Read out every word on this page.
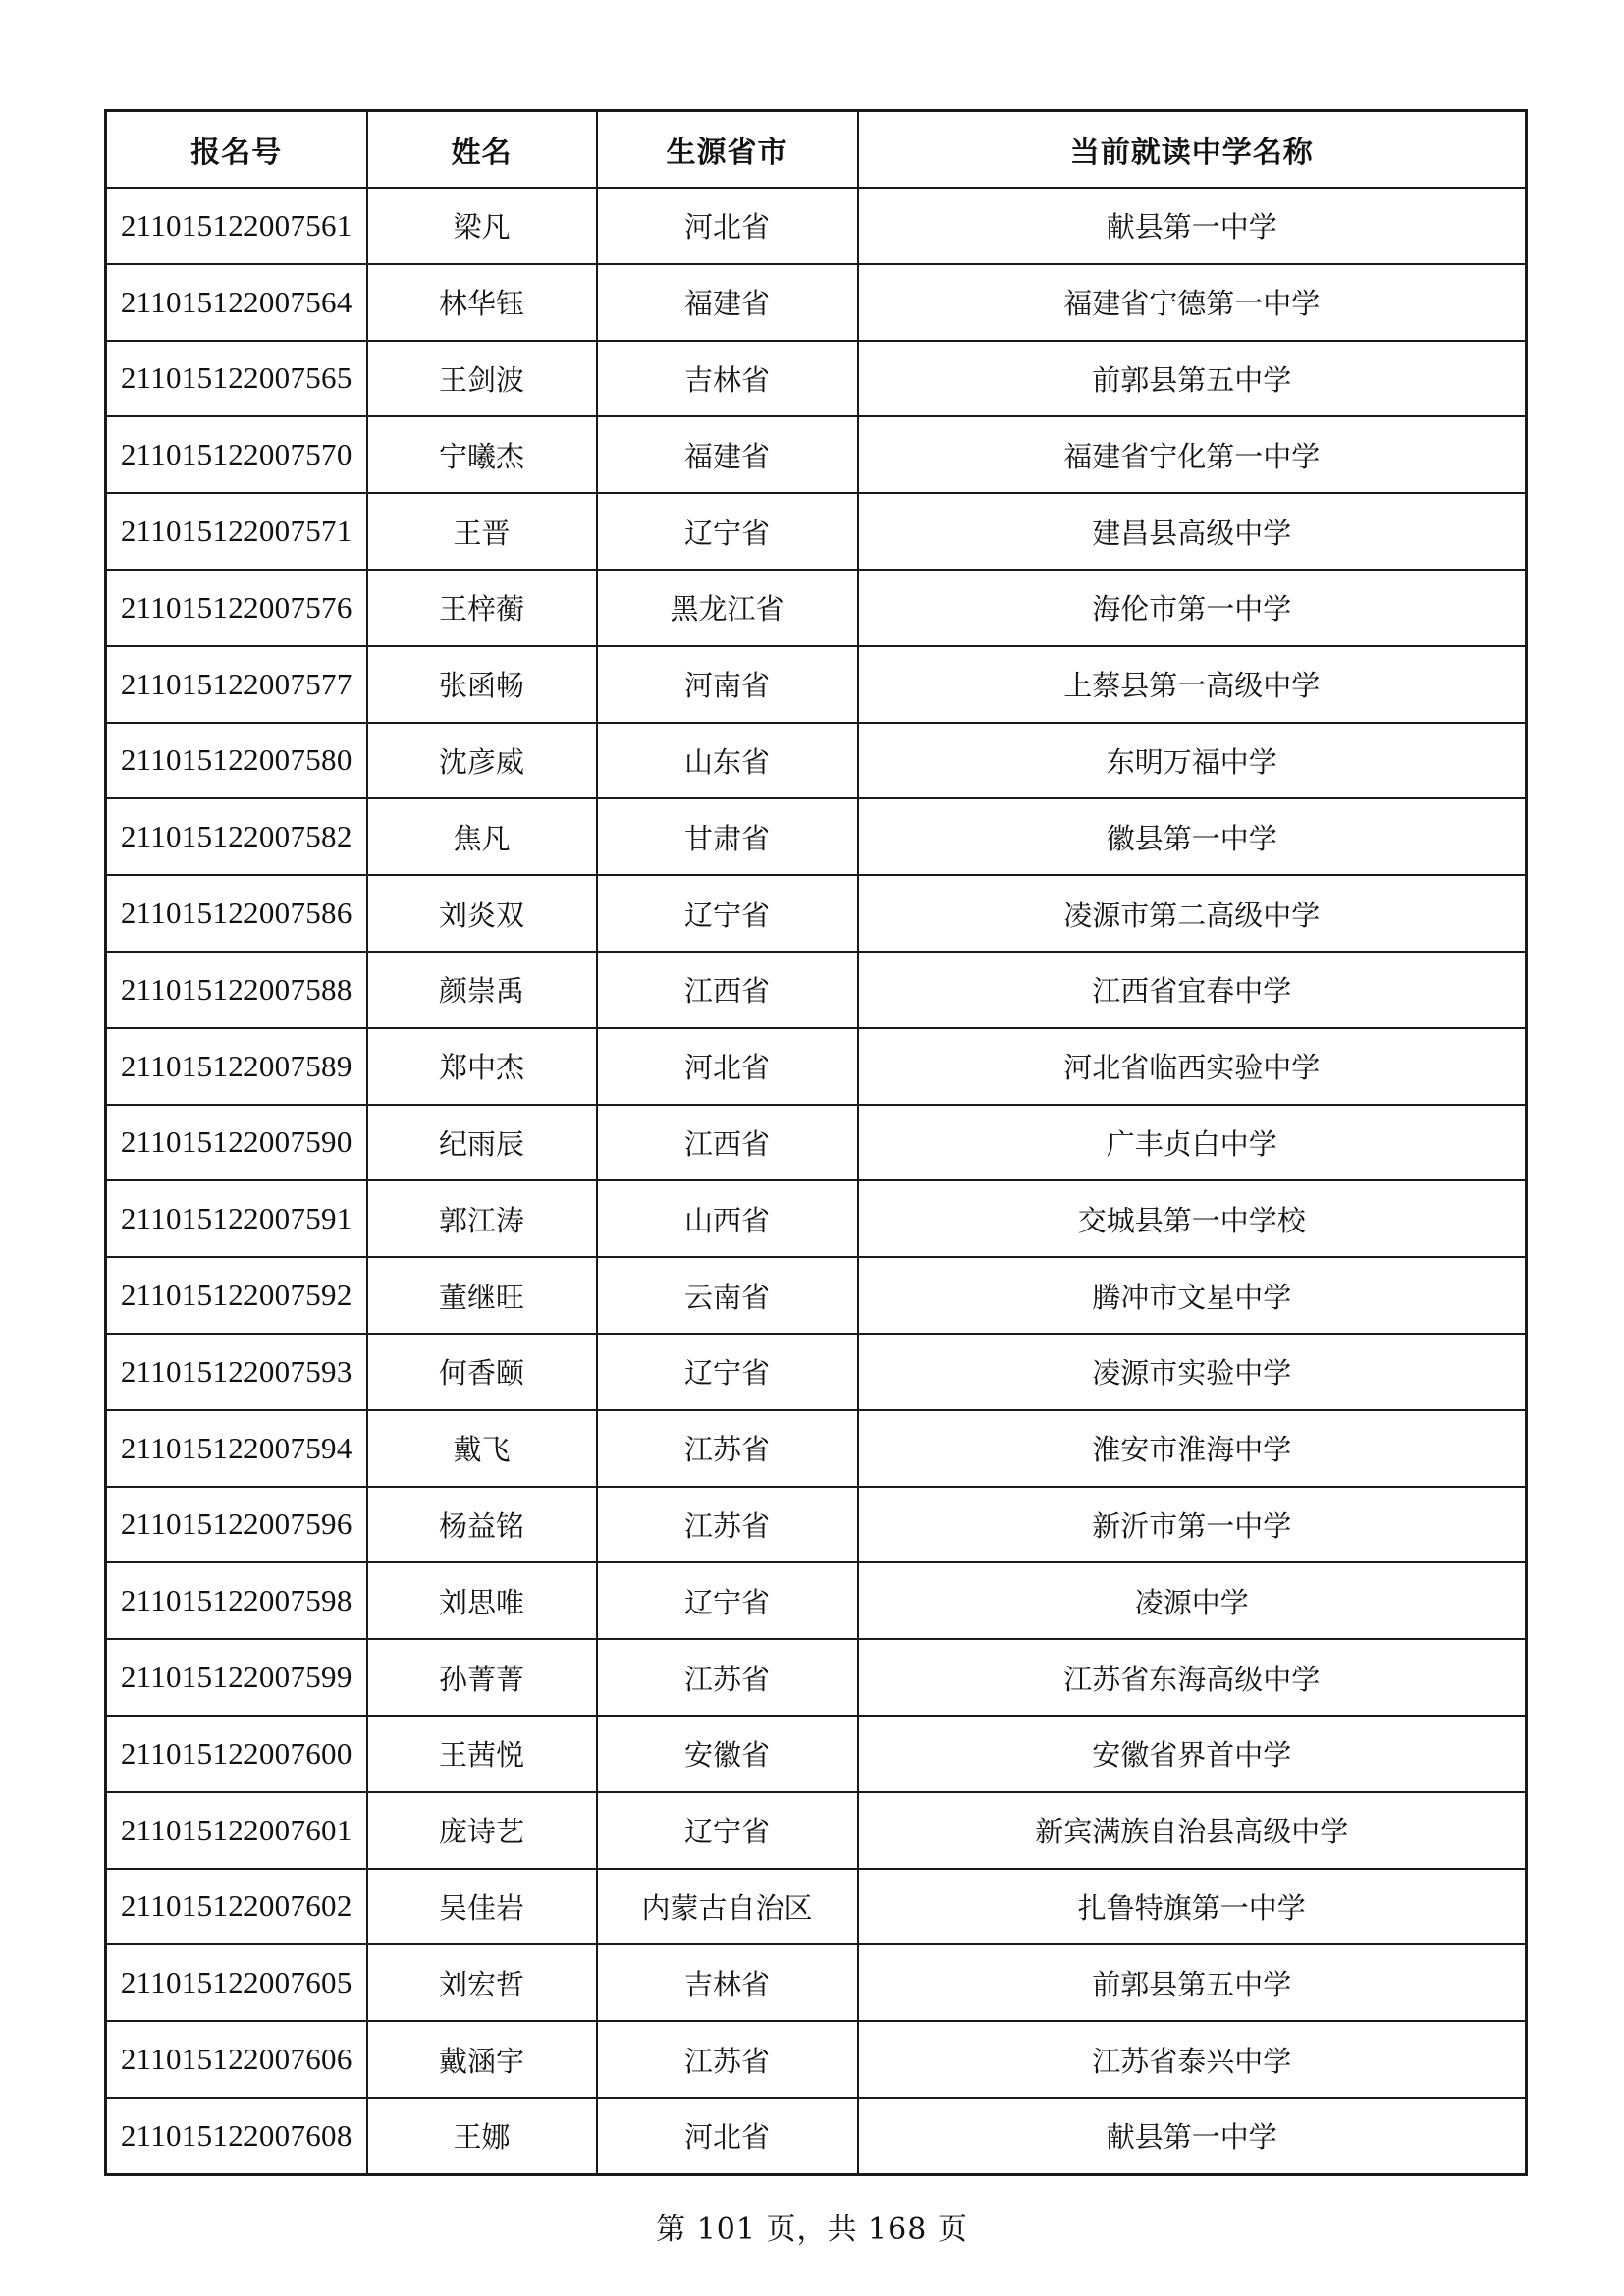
报名号	姓名	生源省市	当前就读中学名称
211015122007561	梁凡	河北省	献县第一中学
211015122007564	林华钰	福建省	福建省宁德第一中学
211015122007565	王剑波	吉林省	前郭县第五中学
211015122007570	宁曦杰	福建省	福建省宁化第一中学
211015122007571	王晋	辽宁省	建昌县高级中学
211015122007576	王梓蘅	黑龙江省	海伦市第一中学
211015122007577	张函畅	河南省	上蔡县第一高级中学
211015122007580	沈彦威	山东省	东明万福中学
211015122007582	焦凡	甘肃省	徽县第一中学
211015122007586	刘炎双	辽宁省	凌源市第二高级中学
211015122007588	颜崇禹	江西省	江西省宜春中学
211015122007589	郑中杰	河北省	河北省临西实验中学
211015122007590	纪雨辰	江西省	广丰贞白中学
211015122007591	郭江涛	山西省	交城县第一中学校
211015122007592	董继旺	云南省	腾冲市文星中学
211015122007593	何香颐	辽宁省	凌源市实验中学
211015122007594	戴飞	江苏省	淮安市淮海中学
211015122007596	杨益铭	江苏省	新沂市第一中学
211015122007598	刘思唯	辽宁省	凌源中学
211015122007599	孙菁菁	江苏省	江苏省东海高级中学
211015122007600	王茜悦	安徽省	安徽省界首中学
211015122007601	庞诗艺	辽宁省	新宾满族自治县高级中学
211015122007602	吴佳岩	内蒙古自治区	扎鲁特旗第一中学
211015122007605	刘宏哲	吉林省	前郭县第五中学
211015122007606	戴涵宇	江苏省	江苏省泰兴中学
211015122007608	王娜	河北省	献县第一中学
第 101 页，共 168 页
